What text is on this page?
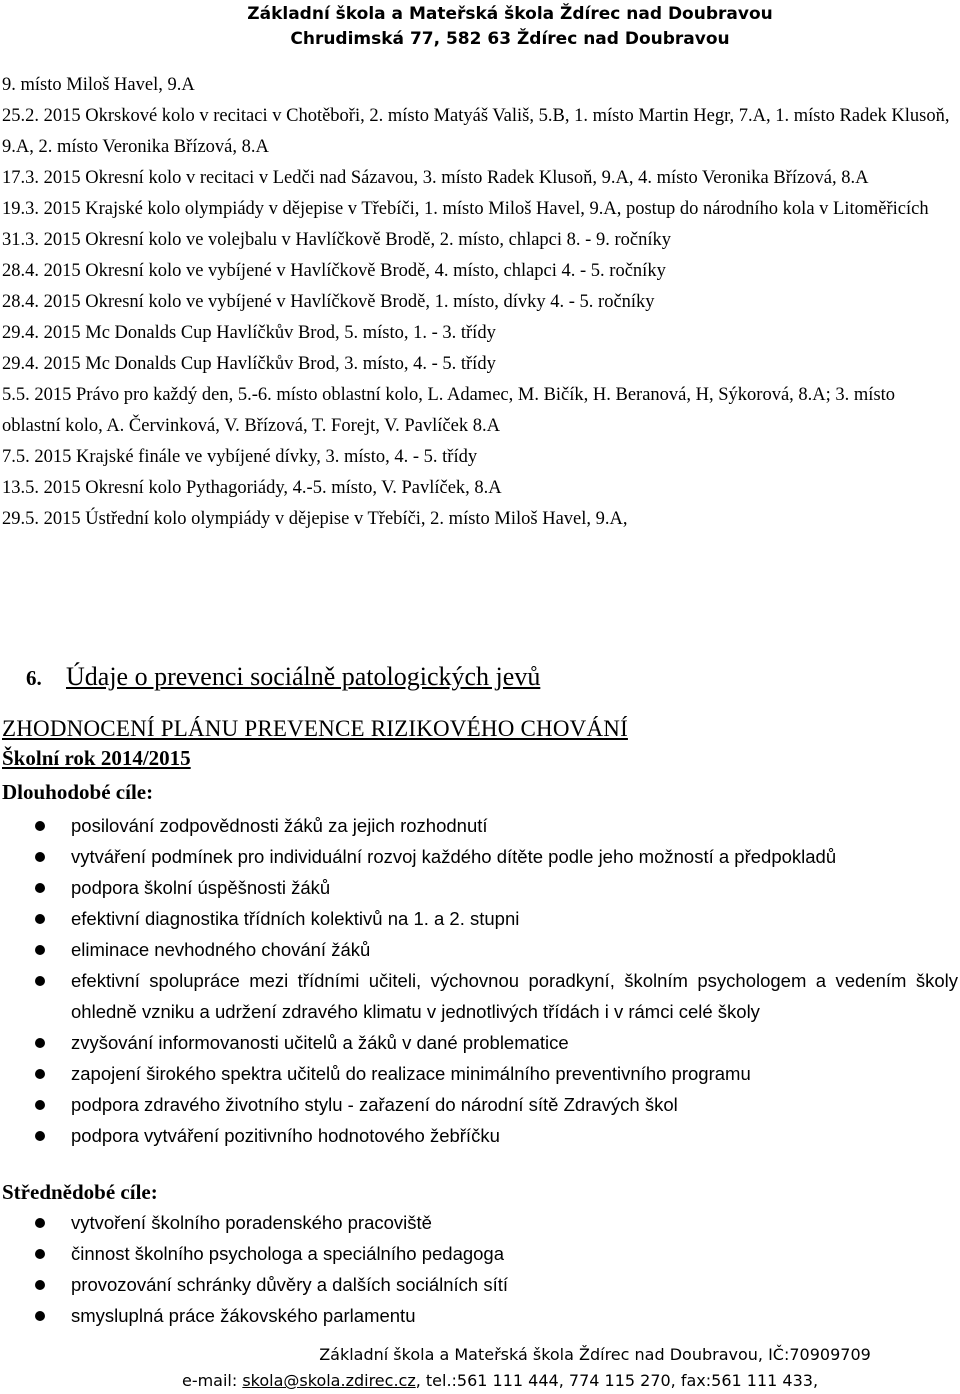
Základní škola a Mateřská škola Ždírec nad Doubravou
Chrudimská 77, 582 63 Ždírec nad Doubravou

9. místo Miloš Havel, 9.A

25.2. 2015 Okrskové kolo v recitaci v Chotěboři, 2. místo Matyáš Vališ, 5.B, 1. místo Martin Hegr, 7.A, 1. místo Radek Klusoň, 9.A, 2. místo Veronika Břízová, 8.A

17.3. 2015 Okresní kolo v recitaci v Ledči nad Sázavou, 3. místo Radek Klusoň, 9.A, 4. místo Veronika Břízová, 8.A

19.3. 2015 Krajské kolo olympiády v dějepise v Třebíči, 1. místo Miloš Havel, 9.A, postup do národního kola v Litoměřicích

31.3. 2015 Okresní kolo ve volejbalu v Havlíčkově Brodě, 2. místo, chlapci 8. - 9. ročníky

28.4. 2015 Okresní kolo ve vybíjené v Havlíčkově Brodě, 4. místo, chlapci 4. - 5. ročníky

28.4. 2015 Okresní kolo ve vybíjené v Havlíčkově Brodě, 1. místo, dívky 4. - 5. ročníky

29.4. 2015 Mc Donalds Cup Havlíčkův Brod, 5. místo, 1. - 3. třídy

29.4. 2015 Mc Donalds Cup Havlíčkův Brod, 3. místo, 4. - 5. třídy

5.5. 2015 Právo pro každý den, 5.-6. místo oblastní kolo, L. Adamec, M. Bičík, H. Beranová, H, Sýkorová, 8.A; 3. místo oblastní kolo, A. Červinková, V. Břízová, T. Forejt, V. Pavlíček 8.A

7.5. 2015 Krajské finále ve vybíjené dívky, 3. místo, 4. - 5. třídy

13.5. 2015 Okresní kolo Pythagoriády, 4.-5. místo, V. Pavlíček, 8.A

29.5. 2015 Ústřední kolo olympiády v dějepise v Třebíči, 2. místo Miloš Havel, 9.A,

6. Údaje o prevenci sociálně patologických jevů
ZHODNOCENÍ PLÁNU PREVENCE RIZIKOVÉHO CHOVÁNÍ
Školní rok 2014/2015
Dlouhodobé cíle:
posilování zodpovědnosti žáků za jejich rozhodnutí
vytváření podmínek pro individuální rozvoj každého dítěte podle jeho možností a předpokladů
podpora školní úspěšnosti žáků
efektivní diagnostika třídních kolektivů na 1. a 2. stupni
eliminace nevhodného chování žáků
efektivní spolupráce mezi třídními učiteli, výchovnou poradkyní, školním psychologem a vedením školy ohledně vzniku a udržení zdravého klimatu v jednotlivých třídách i v rámci celé školy
zvyšování informovanosti učitelů a žáků v dané problematice
zapojení širokého spektra učitelů do realizace minimálního preventivního programu
podpora zdravého životního stylu - zařazení do národní sítě Zdravých škol
podpora vytváření pozitivního hodnotového žebříčku
Střednědobé cíle:
vytvoření školního poradenského pracoviště
činnost školního psychologa a speciálního pedagoga
provozování schránky důvěry a dalších sociálních sítí
smysluplná práce žákovského parlamentu
Základní škola a Mateřská škola Ždírec nad Doubravou, IČ:70909709
e-mail: skola@skola.zdirec.cz, tel.:561 111 444, 774 115 270, fax:561 111 433,
